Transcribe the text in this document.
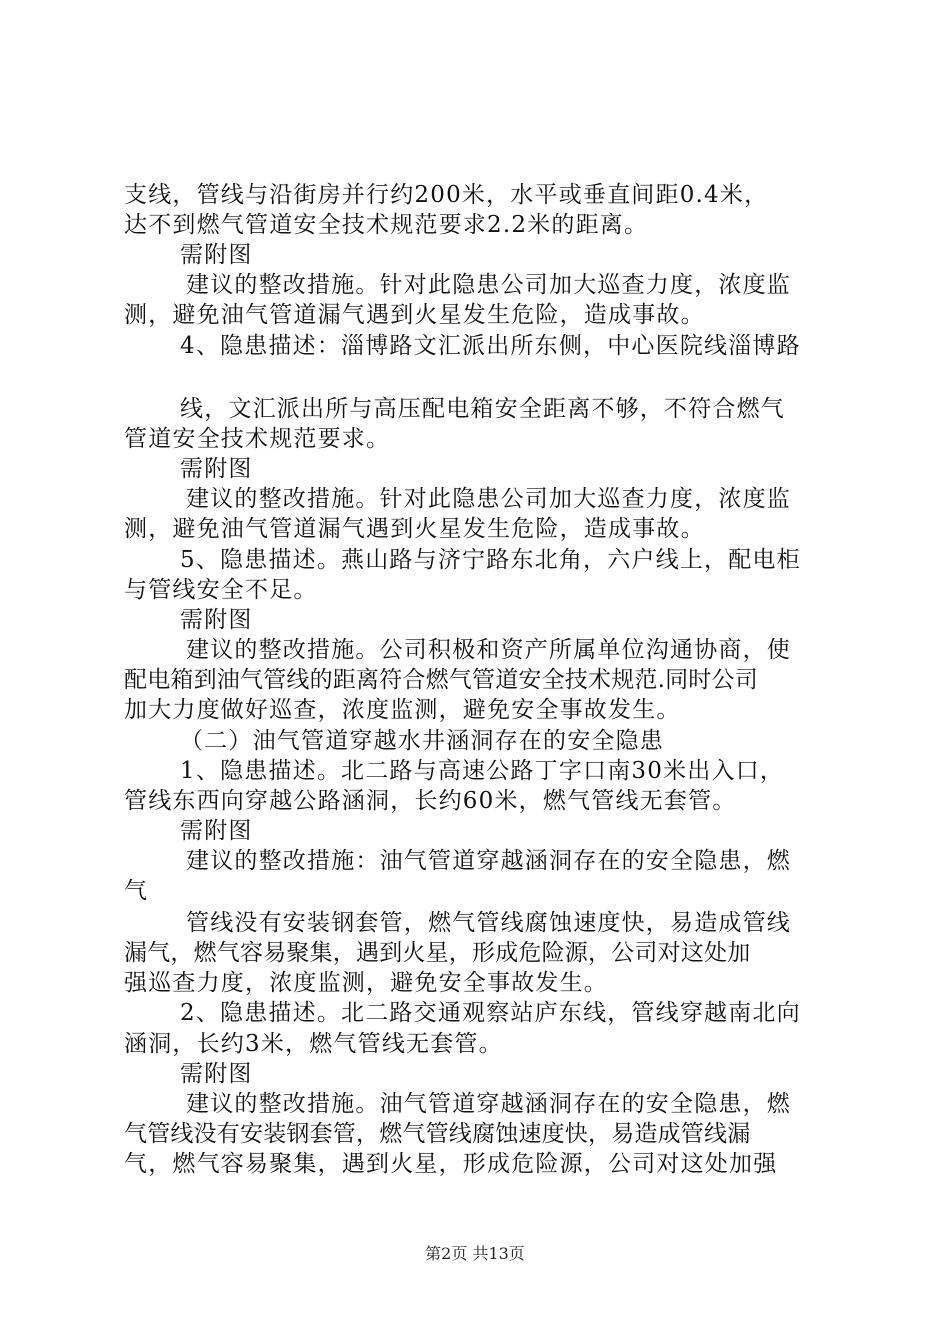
支线，管线与沿街房并行约200米，水平或垂直间距0.4米，
达不到燃气管道安全技术规范要求2.2米的距离。
需附图
建议的整改措施。针对此隐患公司加大巡查力度，浓度监
测，避免油气管道漏气遇到火星发生危险，造成事故。
4、隐患描述：淄博路文汇派出所东侧，中心医院线淄博路
线，文汇派出所与高压配电箱安全距离不够，不符合燃气
管道安全技术规范要求。
需附图
建议的整改措施。针对此隐患公司加大巡查力度，浓度监
测，避免油气管道漏气遇到火星发生危险，造成事故。
5、隐患描述。燕山路与济宁路东北角，六户线上，配电柜
与管线安全不足。
需附图
建议的整改措施。公司积极和资产所属单位沟通协商，使
配电箱到油气管线的距离符合燃气管道安全技术规范.同时公司
加大力度做好巡查，浓度监测，避免安全事故发生。
（二）油气管道穿越水井涵洞存在的安全隐患
1、隐患描述。北二路与高速公路丁字口南30米出入口，
管线东西向穿越公路涵洞，长约60米，燃气管线无套管。
需附图
建议的整改措施：油气管道穿越涵洞存在的安全隐患，燃
气
管线没有安装钢套管，燃气管线腐蚀速度快，易造成管线
漏气，燃气容易聚集，遇到火星，形成危险源，公司对这处加
强巡查力度，浓度监测，避免安全事故发生。
2、隐患描述。北二路交通观察站庐东线，管线穿越南北向
涵洞，长约3米，燃气管线无套管。
需附图
建议的整改措施。油气管道穿越涵洞存在的安全隐患，燃
气管线没有安装钢套管，燃气管线腐蚀速度快，易造成管线漏
气，燃气容易聚集，遇到火星，形成危险源，公司对这处加强
第2页 共13页
